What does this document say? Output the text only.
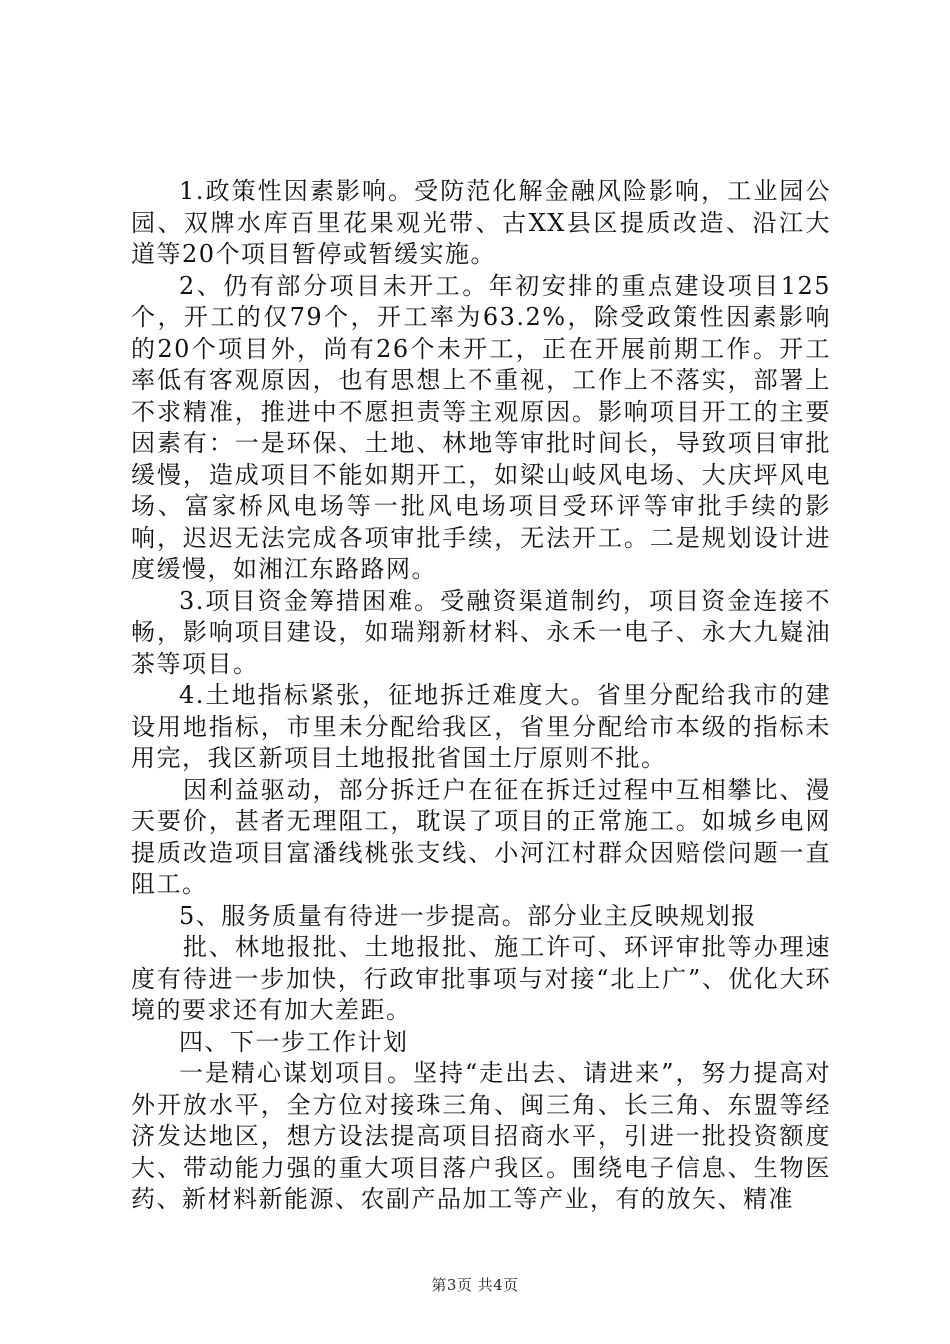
1.政策性因素影响。受防范化解金融风险影响，工业园公园、双牌水库百里花果观光带、古XX县区提质改造、沿江大道等20个项目暂停或暂缓实施。

2、仍有部分项目未开工。年初安排的重点建设项目125个，开工的仅79个，开工率为63.2%，除受政策性因素影响的20个项目外，尚有26个未开工，正在开展前期工作。开工率低有客观原因，也有思想上不重视，工作上不落实，部署上不求精准，推进中不愿担责等主观原因。影响项目开工的主要因素有：一是环保、土地、林地等审批时间长，导致项目审批缓慢，造成项目不能如期开工，如梁山岐风电场、大庆坪风电场、富家桥风电场等一批风电场项目受环评等审批手续的影响，迟迟无法完成各项审批手续，无法开工。二是规划设计进度缓慢，如湘江东路路网。

3.项目资金筹措困难。受融资渠道制约，项目资金连接不畅，影响项目建设，如瑞翔新材料、永禾一电子、永大九嶷油茶等项目。

4.土地指标紧张，征地拆迁难度大。省里分配给我市的建设用地指标，市里未分配给我区，省里分配给市本级的指标未用完，我区新项目土地报批省国土厅原则不批。

因利益驱动，部分拆迁户在征在拆迁过程中互相攀比、漫天要价，甚者无理阻工，耽误了项目的正常施工。如城乡电网提质改造项目富潘线桃张支线、小河江村群众因赔偿问题一直阻工。

5、服务质量有待进一步提高。部分业主反映规划报

批、林地报批、土地报批、施工许可、环评审批等办理速度有待进一步加快，行政审批事项与对接“北上广”、优化大环境的要求还有加大差距。

四、下一步工作计划

一是精心谋划项目。坚持“走出去、请进来”，努力提高对外开放水平，全方位对接珠三角、闽三角、长三角、东盟等经济发达地区，想方设法提高项目招商水平，引进一批投资额度大、带动能力强的重大项目落户我区。围绕电子信息、生物医药、新材料新能源、农副产品加工等产业，有的放矢、精准

第3页 共4页
